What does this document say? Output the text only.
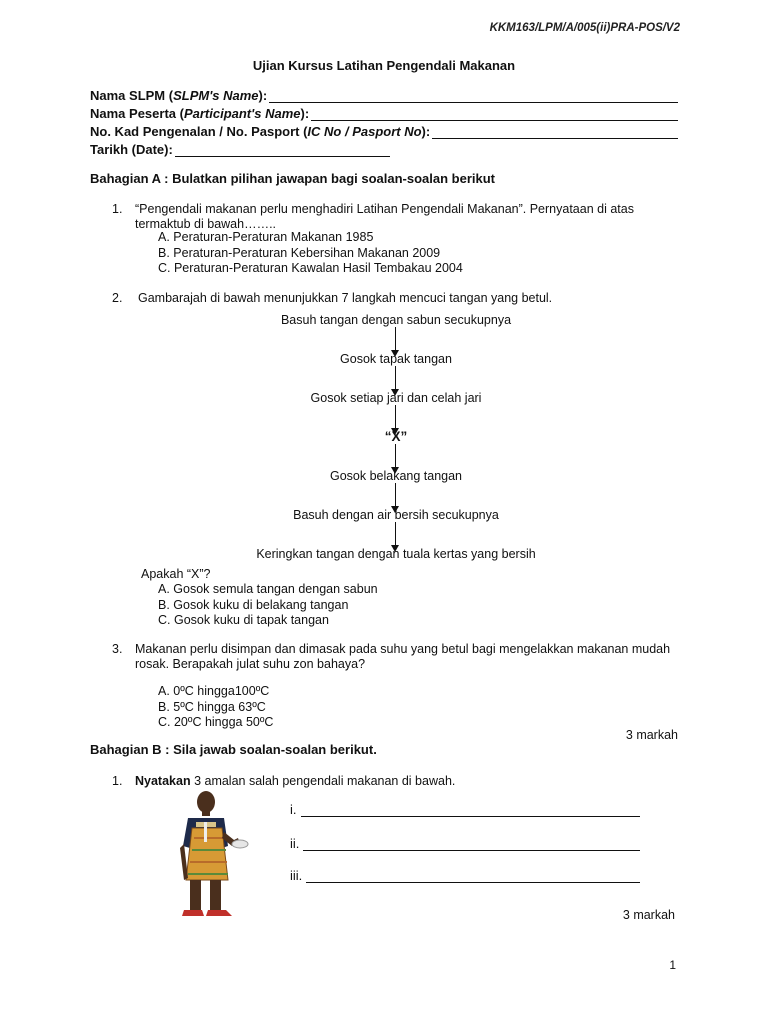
KKM163/LPM/A/005(ii)PRA-POS/V2
Ujian Kursus Latihan Pengendali Makanan
Nama SLPM ( SLPM's Name ):
Nama Peserta ( Participant's Name ):
No. Kad Pengenalan / No. Pasport ( IC No / Pasport No ):
Tarikh (Date):
Bahagian A : Bulatkan pilihan jawapan bagi soalan-soalan berikut
1. “Pengendali makanan perlu menghadiri Latihan Pengendali Makanan”. Pernyataan di atas
termaktub di bawah……..
A. Peraturan-Peraturan Makanan 1985
B. Peraturan-Peraturan Kebersihan Makanan 2009
C. Peraturan-Peraturan Kawalan Hasil Tembakau 2004
2. Gambarajah di bawah menunjukkan 7 langkah mencuci tangan yang betul.
Basuh tangan dengan sabun secukupnya
Gosok tapak tangan
Gosok setiap jari dan celah jari
“X”
Gosok belakang tangan
Basuh dengan air bersih secukupnya
Keringkan tangan dengan tuala kertas yang bersih
Apakah “X”?
A. Gosok semula tangan dengan sabun
B. Gosok kuku di belakang tangan
C. Gosok kuku di tapak tangan
3. Makanan perlu disimpan dan dimasak pada suhu yang betul bagi mengelakkan makanan mudah
rosak. Berapakah julat suhu zon bahaya?
A. 0ºC hingga100ºC
B. 5ºC hingga 63ºC
C. 20ºC hingga 50ºC
3 markah
Bahagian B : Sila jawab soalan-soalan berikut.
1. Nyatakan 3 amalan salah pengendali makanan di bawah.
i.
ii.
iii.
3 markah
1
